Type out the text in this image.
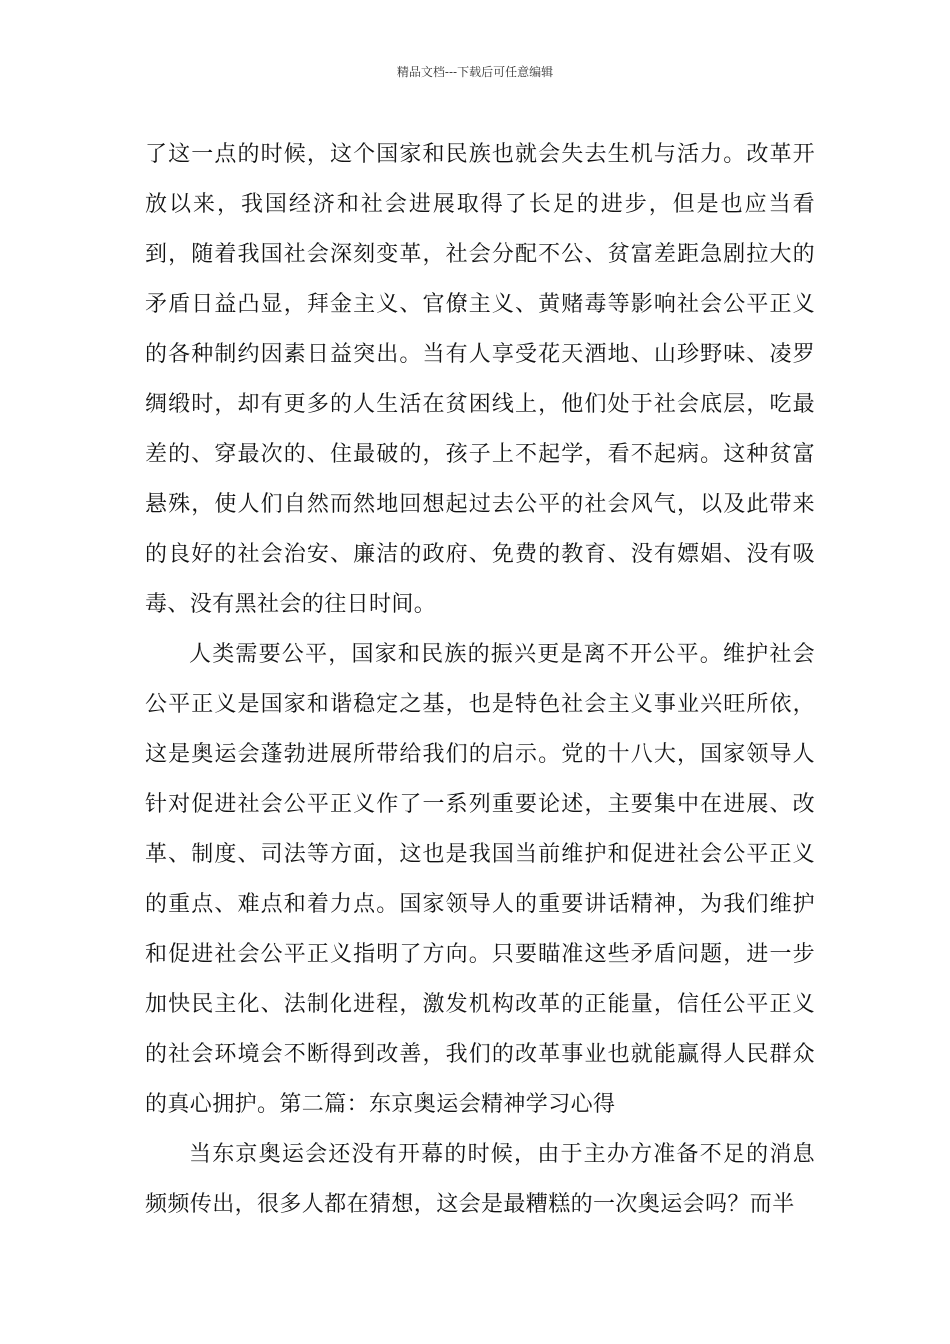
精品文档---下载后可任意编辑

了这一点的时候，这个国家和民族也就会失去生机与活力。改革开放以来，我国经济和社会进展取得了长足的进步，但是也应当看到，随着我国社会深刻变革，社会分配不公、贫富差距急剧拉大的矛盾日益凸显，拜金主义、官僚主义、黄赌毒等影响社会公平正义的各种制约因素日益突出。当有人享受花天酒地、山珍野味、凌罗绸缎时，却有更多的人生活在贫困线上，他们处于社会底层，吃最差的、穿最次的、住最破的，孩子上不起学，看不起病。这种贫富悬殊，使人们自然而然地回想起过去公平的社会风气，以及此带来的良好的社会治安、廉洁的政府、免费的教育、没有嫖娼、没有吸毒、没有黑社会的往日时间。

人类需要公平，国家和民族的振兴更是离不开公平。维护社会公平正义是国家和谐稳定之基，也是特色社会主义事业兴旺所依，这是奥运会蓬勃进展所带给我们的启示。党的十八大，国家领导人针对促进社会公平正义作了一系列重要论述，主要集中在进展、改革、制度、司法等方面，这也是我国当前维护和促进社会公平正义的重点、难点和着力点。国家领导人的重要讲话精神，为我们维护和促进社会公平正义指明了方向。只要瞄准这些矛盾问题，进一步加快民主化、法制化进程，激发机构改革的正能量，信任公平正义的社会环境会不断得到改善，我们的改革事业也就能赢得人民群众的真心拥护。第二篇：东京奥运会精神学习心得

当东京奥运会还没有开幕的时候，由于主办方准备不足的消息频频传出，很多人都在猜想，这会是最糟糕的一次奥运会吗？而半
